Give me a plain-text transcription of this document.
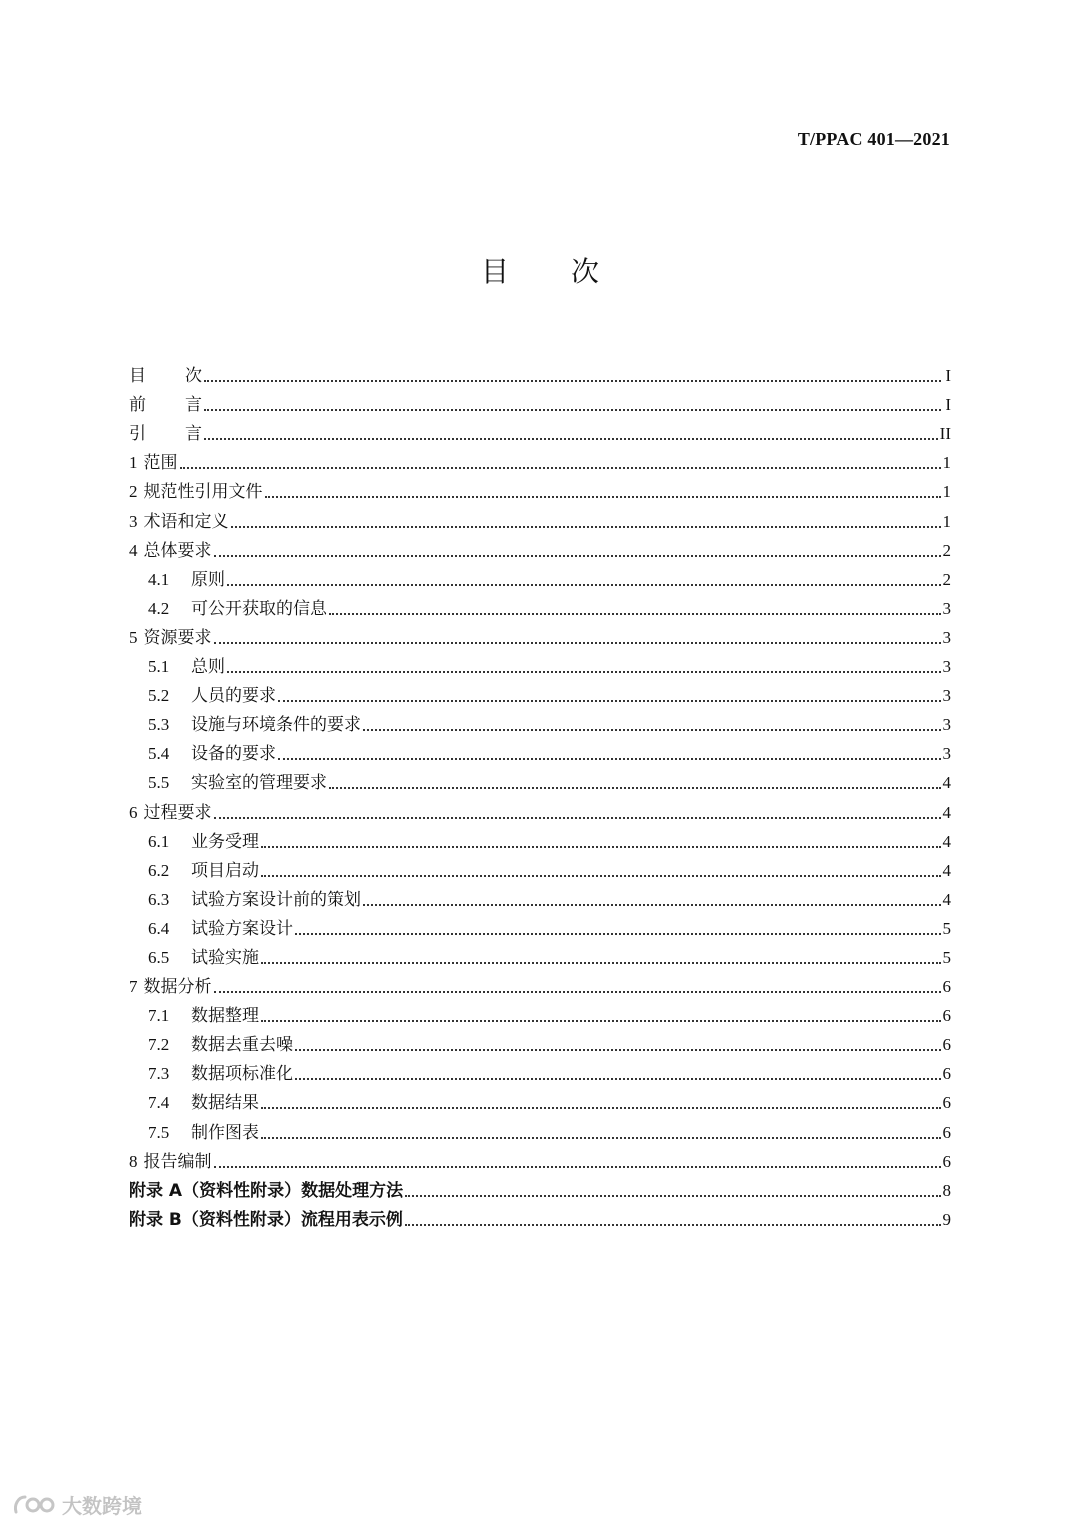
T/PPAC 401—2021
目 次
目次	I
前言	I
引言	II
1 范围	1
2 规范性引用文件	1
3 术语和定义	1
4 总体要求	2
4.1	原则	2
4.2	可公开获取的信息	3
5 资源要求	3
5.1	总则	3
5.2	人员的要求	3
5.3	设施与环境条件的要求	3
5.4	设备的要求	3
5.5	实验室的管理要求	4
6 过程要求	4
6.1	业务受理	4
6.2	项目启动	4
6.3	试验方案设计前的策划	4
6.4	试验方案设计	5
6.5	试验实施	5
7 数据分析	6
7.1	数据整理	6
7.2	数据去重去噪	6
7.3	数据项标准化	6
7.4	数据结果	6
7.5	制作图表	6
8 报告编制	6
附录 A（资料性附录）数据处理方法	8
附录 B（资料性附录）流程用表示例	9
大数跨境
